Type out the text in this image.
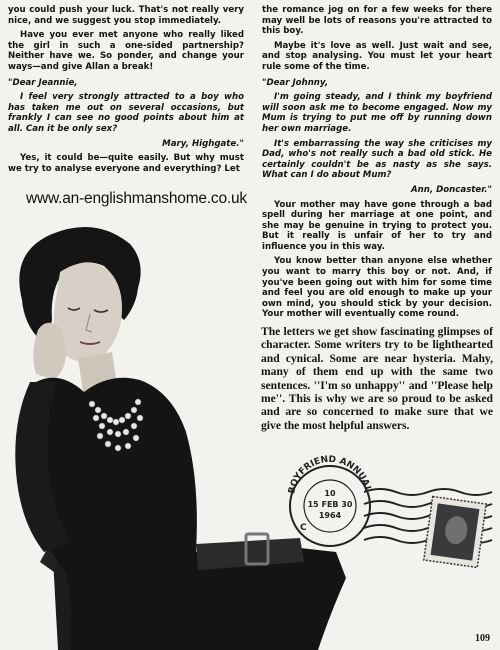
you could push your luck. That's not really very nice, and we suggest you stop immediately.

Have you ever met anyone who really liked the girl in such a one-sided partnership? Neither have we. So ponder, and change your ways—and give Allan a break!

"Dear Jeannie,

I feel very strongly attracted to a boy who has taken me out on several occasions, but frankly I can see no good points about him at all. Can it be only sex?

Mary, Highgate."

Yes, it could be—quite easily. But why must we try to analyse everyone and everything? Let

the romance jog on for a few weeks for there may well be lots of reasons you're attracted to this boy.

Maybe it's love as well. Just wait and see, and stop analysing. You must let your heart rule some of the time.

"Dear Johnny,

I'm going steady, and I think my boyfriend will soon ask me to become engaged. Now my Mum is trying to put me off by running down her own marriage.

It's embarrassing the way she criticises my Dad, who's not really such a bad old stick. He certainly couldn't be as nasty as she says. What can I do about Mum?

Ann, Doncaster."

Your mother may have gone through a bad spell during her marriage at one point, and she may be genuine in trying to protect you. But it really is unfair of her to try and influence you in this way.

You know better than anyone else whether you want to marry this boy or not. And, if you've been going out with him for some time and feel you are old enough to make up your own mind, you should stick by your decision. Your mother will eventually come round.

www.an-englishmanshome.co.uk
The letters we get show fascinating glimpses of character. Some writers try to be lighthearted and cynical. Some are near hysteria. Mahy, many of them end up with the same two sentences. ''I'm so unhappy'' and ''Please help me''. This is why we are so proud to be asked and are so concerned to make sure that we give the most helpful answers.
BOYFRIEND ANNUAL
10
15 FEB 30
1964
C
109
